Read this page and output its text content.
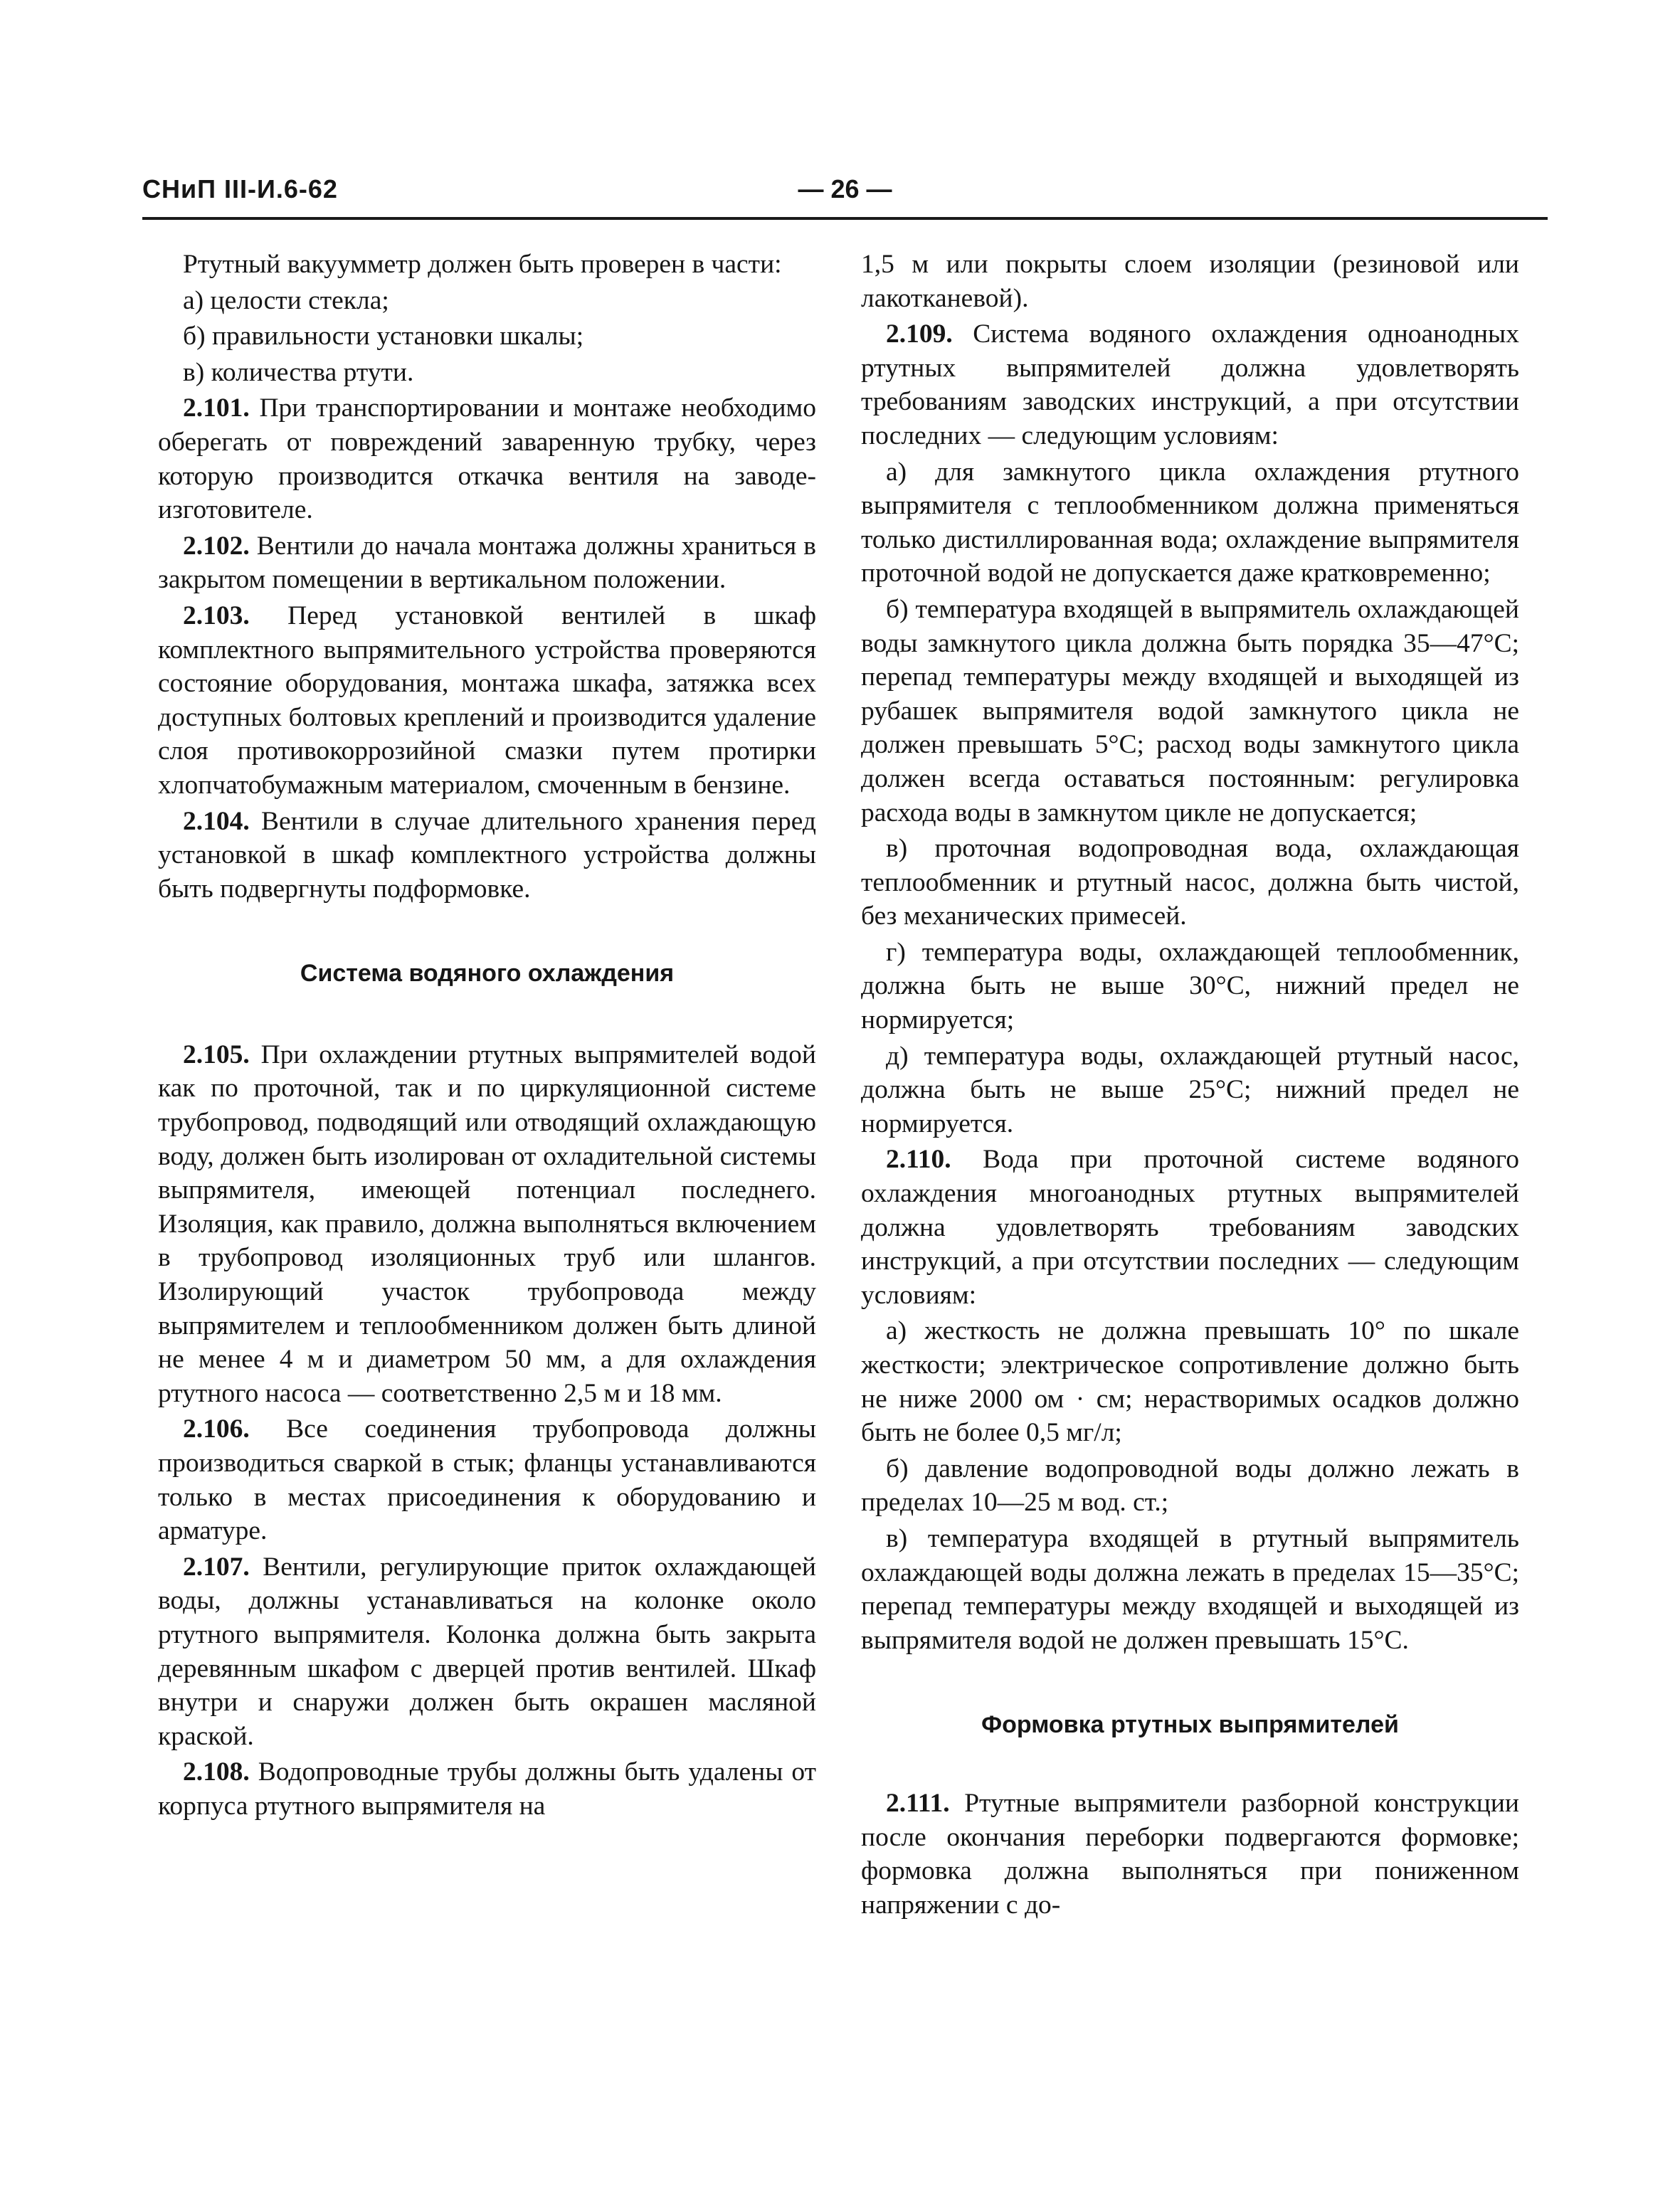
СНиП III-И.6-62	— 26 —

Ртутный вакуумметр должен быть проверен в части:

а) целости стекла;

б) правильности установки шкалы;

в) количества ртути.

2.101. При транспортировании и монтаже необходимо оберегать от повреждений заваренную трубку, через которую производится откачка вентиля на заводе-изготовителе.

2.102. Вентили до начала монтажа должны храниться в закрытом помещении в вертикальном положении.

2.103. Перед установкой вентилей в шкаф комплектного выпрямительного устройства проверяются состояние оборудования, монтажа шкафа, затяжка всех доступных болтовых креплений и производится удаление слоя противокоррозийной смазки путем протирки хлопчатобумажным материалом, смоченным в бензине.

2.104. Вентили в случае длительного хранения перед установкой в шкаф комплектного устройства должны быть подвергнуты подформовке.

Система водяного охлаждения

2.105. При охлаждении ртутных выпрямителей водой как по проточной, так и по циркуляционной системе трубопровод, подводящий или отводящий охлаждающую воду, должен быть изолирован от охладительной системы выпрямителя, имеющей потенциал последнего. Изоляция, как правило, должна выполняться включением в трубопровод изоляционных труб или шлангов. Изолирующий участок трубопровода между выпрямителем и теплообменником должен быть длиной не менее 4 м и диаметром 50 мм, а для охлаждения ртутного насоса — соответственно 2,5 м и 18 мм.

2.106. Все соединения трубопровода должны производиться сваркой в стык; фланцы устанавливаются только в местах присоединения к оборудованию и арматуре.

2.107. Вентили, регулирующие приток охлаждающей воды, должны устанавливаться на колонке около ртутного выпрямителя. Колонка должна быть закрыта деревянным шкафом с дверцей против вентилей. Шкаф внутри и снаружи должен быть окрашен масляной краской.

2.108. Водопроводные трубы должны быть удалены от корпуса ртутного выпрямителя на

1,5 м или покрыты слоем изоляции (резиновой или лакотканевой).

2.109. Система водяного охлаждения одноанодных ртутных выпрямителей должна удовлетворять требованиям заводских инструкций, а при отсутствии последних — следующим условиям:

а) для замкнутого цикла охлаждения ртутного выпрямителя с теплообменником должна применяться только дистиллированная вода; охлаждение выпрямителя проточной водой не допускается даже кратковременно;

б) температура входящей в выпрямитель охлаждающей воды замкнутого цикла должна быть порядка 35—47°С; перепад температуры между входящей и выходящей из рубашек выпрямителя водой замкнутого цикла не должен превышать 5°С; расход воды замкнутого цикла должен всегда оставаться постоянным: регулировка расхода воды в замкнутом цикле не допускается;

в) проточная водопроводная вода, охлаждающая теплообменник и ртутный насос, должна быть чистой, без механических примесей.

г) температура воды, охлаждающей теплообменник, должна быть не выше 30°С, нижний предел не нормируется;

д) температура воды, охлаждающей ртутный насос, должна быть не выше 25°С; нижний предел не нормируется.

2.110. Вода при проточной системе водяного охлаждения многоанодных ртутных выпрямителей должна удовлетворять требованиям заводских инструкций, а при отсутствии последних — следующим условиям:

а) жесткость не должна превышать 10° по шкале жесткости; электрическое сопротивление должно быть не ниже 2000 ом · см; нерастворимых осадков должно быть не более 0,5 мг/л;

б) давление водопроводной воды должно лежать в пределах 10—25 м вод. ст.;

в) температура входящей в ртутный выпрямитель охлаждающей воды должна лежать в пределах 15—35°С; перепад температуры между входящей и выходящей из выпрямителя водой не должен превышать 15°С.

Формовка ртутных выпрямителей

2.111. Ртутные выпрямители разборной конструкции после окончания переборки подвергаются формовке; формовка должна выполняться при пониженном напряжении с до-
